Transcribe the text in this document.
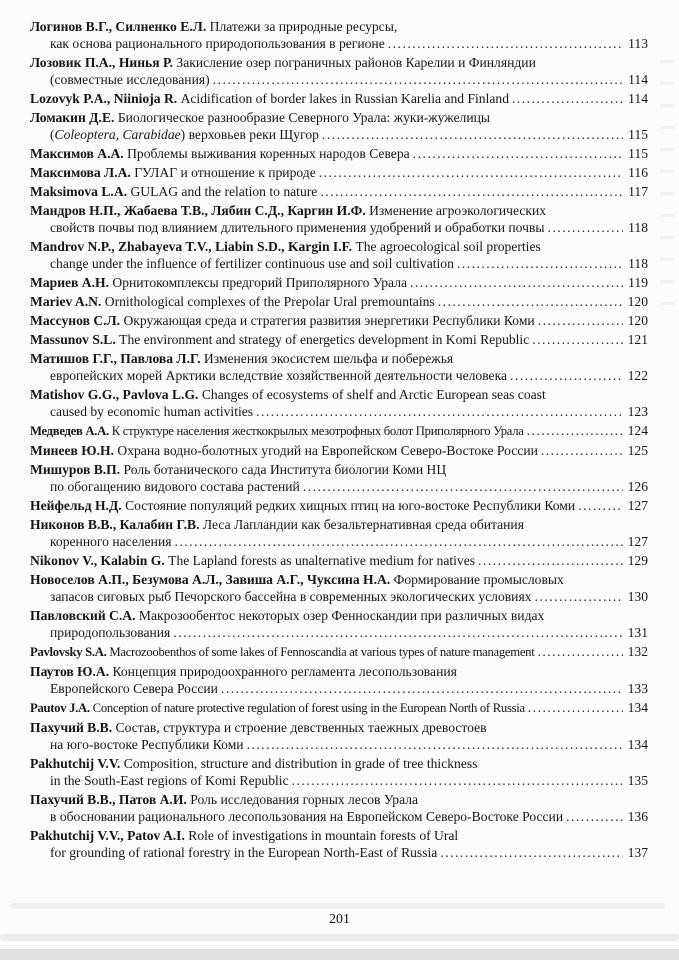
Логинов В.Г., Силненко Е.Л. Платежи за природные ресурсы,
как основа рационального природопользования в регионе .....	113
Лозовик П.А., Нинья Р. Закисление озер пограничных районов Карелии и Финляндии
(совместные исследования) .....	114
Lozovyk P.A., Niinioja R. Acidification of border lakes in Russian Karelia and Finland .....	114
Ломакин Д.Е. Биологическое разнообразие Северного Урала: жуки-жужелицы
(Coleoptera, Carabidae) верховьев реки Щугор .....	115
Максимов А.А. Проблемы выживания коренных народов Севера .....	115
Максимова Л.А. ГУЛАГ и отношение к природе .....	116
Maksimova L.A. GULAG and the relation to nature .....	117
Мандров Н.П., Жабаева Т.В., Лябин С.Д., Каргин И.Ф. Изменение агроэкологических
свойств почвы под влиянием длительного применения удобрений и обработки почвы .....	118
Mandrov N.P., Zhabayeva T.V., Liabin S.D., Kargin I.F. The agroecological soil properties
change under the influence of fertilizer continuous use and soil cultivation .....	118
Мариев А.Н. Орнитокомплексы предгорий Приполярного Урала .....	119
Mariev A.N. Ornithological complexes of the Prepolar Ural premountains .....	120
Массунов С.Л. Окружающая среда и стратегия развития энергетики Республики Коми .....	120
Massunov S.L. The environment and strategy of energetics development in Komi Republic .....	121
Матишов Г.Г., Павлова Л.Г. Изменения экосистем шельфа и побережья
европейских морей Арктики вследствие хозяйственной деятельности человека .....	122
Matishov G.G., Pavlova L.G. Changes of ecosystems of shelf and Arctic European seas coast
caused by economic human activities .....	123
Медведев А.А. К структуре населения жесткокрылых мезотрофных болот Приполярного Урала .....	124
Минеев Ю.Н. Охрана водно-болотных угодий на Европейском Северо-Востоке России .....	125
Мишуров В.П. Роль ботанического сада Института биологии Коми НЦ
по обогащению видового состава растений .....	126
Нейфельд Н.Д. Состояние популяций редких хищных птиц на юго-востоке Республики Коми .....	127
Никонов В.В., Калабин Г.В. Леса Лапландии как безальтернативная среда обитания
коренного населения .....	127
Nikonov V., Kalabin G. The Lapland forests as unalternative medium for natives .....	129
Новоселов А.П., Безумова А.Л., Завиша А.Г., Чуксина Н.А. Формирование промысловых
запасов сиговых рыб Печорского бассейна в современных экологических условиях .....	130
Павловский С.А. Макрозообентос некоторых озер Фенноскандии при различных видах
природопользования .....	131
Pavlovsky S.A. Macrozoobenthos of some lakes of Fennoscandia at various types of nature management .....	132
Паутов Ю.А. Концепция природоохранного регламента лесопользования
Европейского Севера России .....	133
Pautov J.A. Conception of nature protective regulation of forest using in the European North of Russia .....	134
Пахучий В.В. Состав, структура и строение девственных таежных древостоев
на юго-востоке Республики Коми .....	134
Pakhutchij V.V. Composition, structure and distribution in grade of tree thickness
in the South-East regions of Komi Republic .....	135
Пахучий В.В., Патов А.И. Роль исследования горных лесов Урала
в обосновании рационального лесопользования на Европейском Северо-Востоке России .....	136
Pakhutchij V.V., Patov A.I. Role of investigations in mountain forests of Ural
for grounding of rational forestry in the European North-East of Russia .....	137
201
